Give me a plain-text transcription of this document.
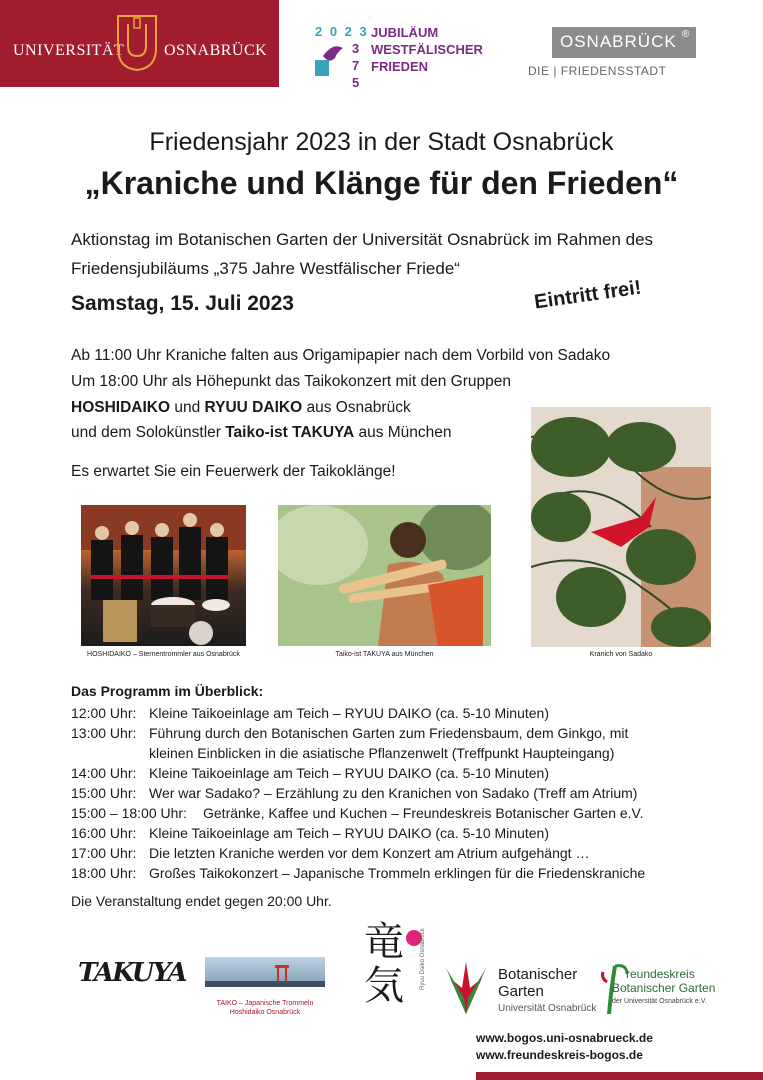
UNIVERSITÄT OSNABRÜCK
2 0 2 3
3
7
5
JUBILÄUM
WESTFÄLISCHER
FRIEDEN
OSNABRÜCK ®
DIE | FRIEDENSSTADT
Friedensjahr 2023 in der Stadt Osnabrück
„Kraniche und Klänge für den Frieden“
Aktionstag im Botanischen Garten der Universität Osnabrück im Rahmen des
Friedensjubiläums „375 Jahre Westfälischer Friede“
Samstag, 15. Juli 2023	Eintritt frei!
Ab 11:00 Uhr Kraniche falten aus Origamipapier nach dem Vorbild von Sadako
Um 18:00 Uhr als Höhepunkt das Taikokonzert mit den Gruppen
HOSHIDAIKO und RYUU DAIKO aus Osnabrück
und dem Solokünstler Taiko-ist TAKUYA aus München
Es erwartet Sie ein Feuerwerk der Taikoklänge!
HOSHIDAIKO – Sternentrommler aus Osnabrück	Taiko-ist TAKUYA aus München	Kranich von Sadako
Das Programm im Überblick:
12:00 Uhr: Kleine Taikoeinlage am Teich – RYUU DAIKO (ca. 5-10 Minuten)
13:00 Uhr: Führung durch den Botanischen Garten zum Friedensbaum, dem Ginkgo, mit
kleinen Einblicken in die asiatische Pflanzenwelt (Treffpunkt Haupteingang)
14:00 Uhr: Kleine Taikoeinlage am Teich – RYUU DAIKO (ca. 5-10 Minuten)
15:00 Uhr: Wer war Sadako? – Erzählung zu den Kranichen von Sadako (Treff am Atrium)
15:00 – 18:00 Uhr: Getränke, Kaffee und Kuchen – Freundeskreis Botanischer Garten e.V.
16:00 Uhr: Kleine Taikoeinlage am Teich – RYUU DAIKO (ca. 5-10 Minuten)
17:00 Uhr: Die letzten Kraniche werden vor dem Konzert am Atrium aufgehängt …
18:00 Uhr: Großes Taikokonzert – Japanische Trommeln erklingen für die Friedenskraniche
Die Veranstaltung endet gegen 20:00 Uhr.
TAKUYA
TAIKO – Japanische Trommeln
Hoshidaiko Osnabrück
竜気	Ryuu Daiko Osnabrück	Botanischer
Garten
Universität Osnabrück
reundeskreis
Botanischer Garten
der Universität Osnabrück e.V.
www.bogos.uni-osnabrueck.de
www.freundeskreis-bogos.de
